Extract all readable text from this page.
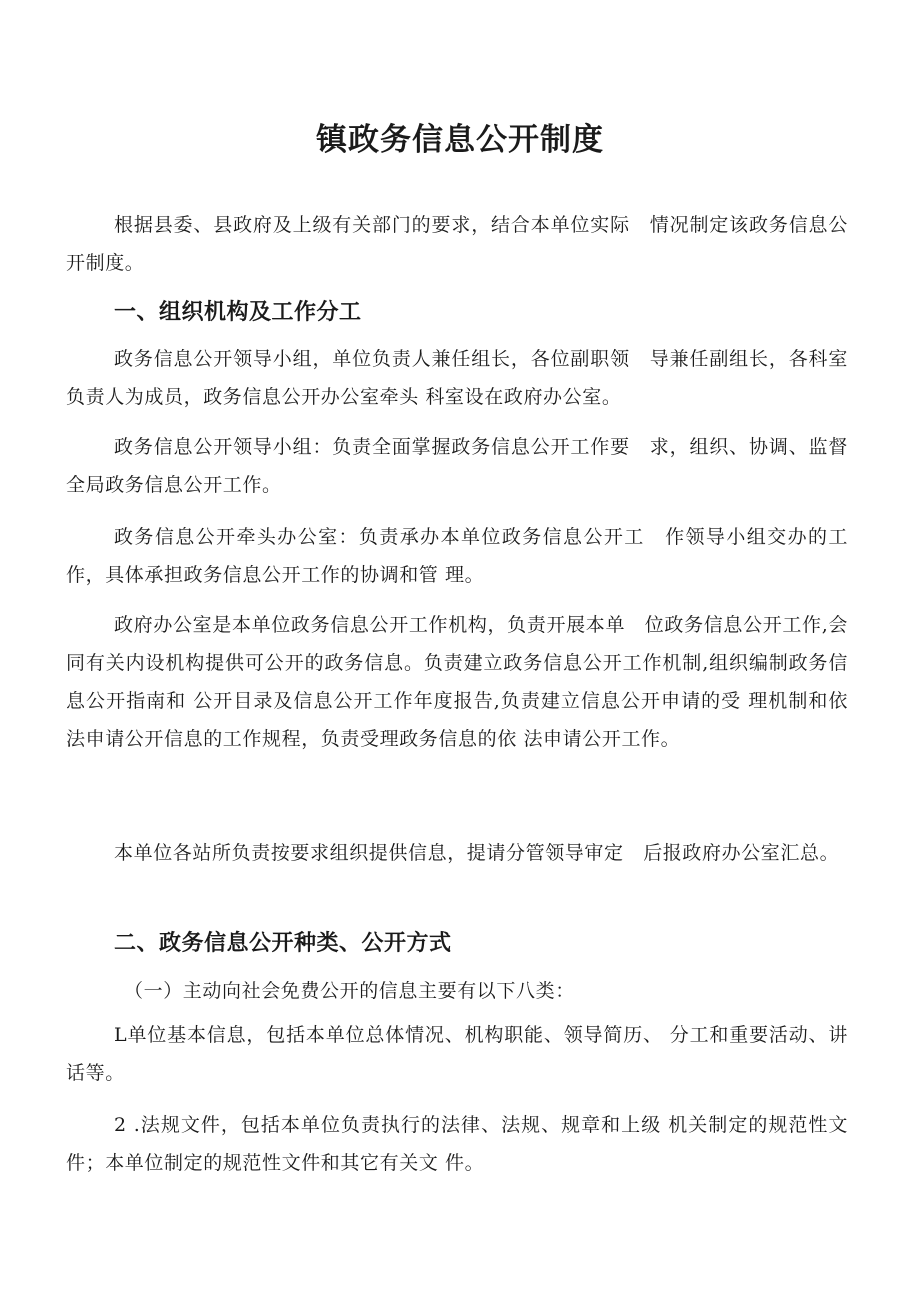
镇政务信息公开制度
根据县委、县政府及上级有关部门的要求，结合本单位实际　情况制定该政务信息公开制度。
一、组织机构及工作分工
政务信息公开领导小组，单位负责人兼任组长，各位副职领　导兼任副组长，各科室负责人为成员，政务信息公开办公室牵头 科室设在政府办公室。
政务信息公开领导小组：负责全面掌握政务信息公开工作要　求，组织、协调、监督全局政务信息公开工作。
政务信息公开牵头办公室：负责承办本单位政务信息公开工　作领导小组交办的工作，具体承担政务信息公开工作的协调和管 理。
政府办公室是本单位政务信息公开工作机构，负责开展本单　位政务信息公开工作,会同有关内设机构提供可公开的政务信息。负责建立政务信息公开工作机制,组织编制政务信息公开指南和 公开目录及信息公开工作年度报告,负责建立信息公开申请的受 理机制和依法申请公开信息的工作规程，负责受理政务信息的依 法申请公开工作。
本单位各站所负责按要求组织提供信息，提请分管领导审定　后报政府办公室汇总。
二、政务信息公开种类、公开方式
（一）主动向社会免费公开的信息主要有以下八类：
L单位基本信息，包括本单位总体情况、机构职能、领导简历、 分工和重要活动、讲话等。
2 .法规文件，包括本单位负责执行的法律、法规、规章和上级 机关制定的规范性文件；本单位制定的规范性文件和其它有关文 件。
